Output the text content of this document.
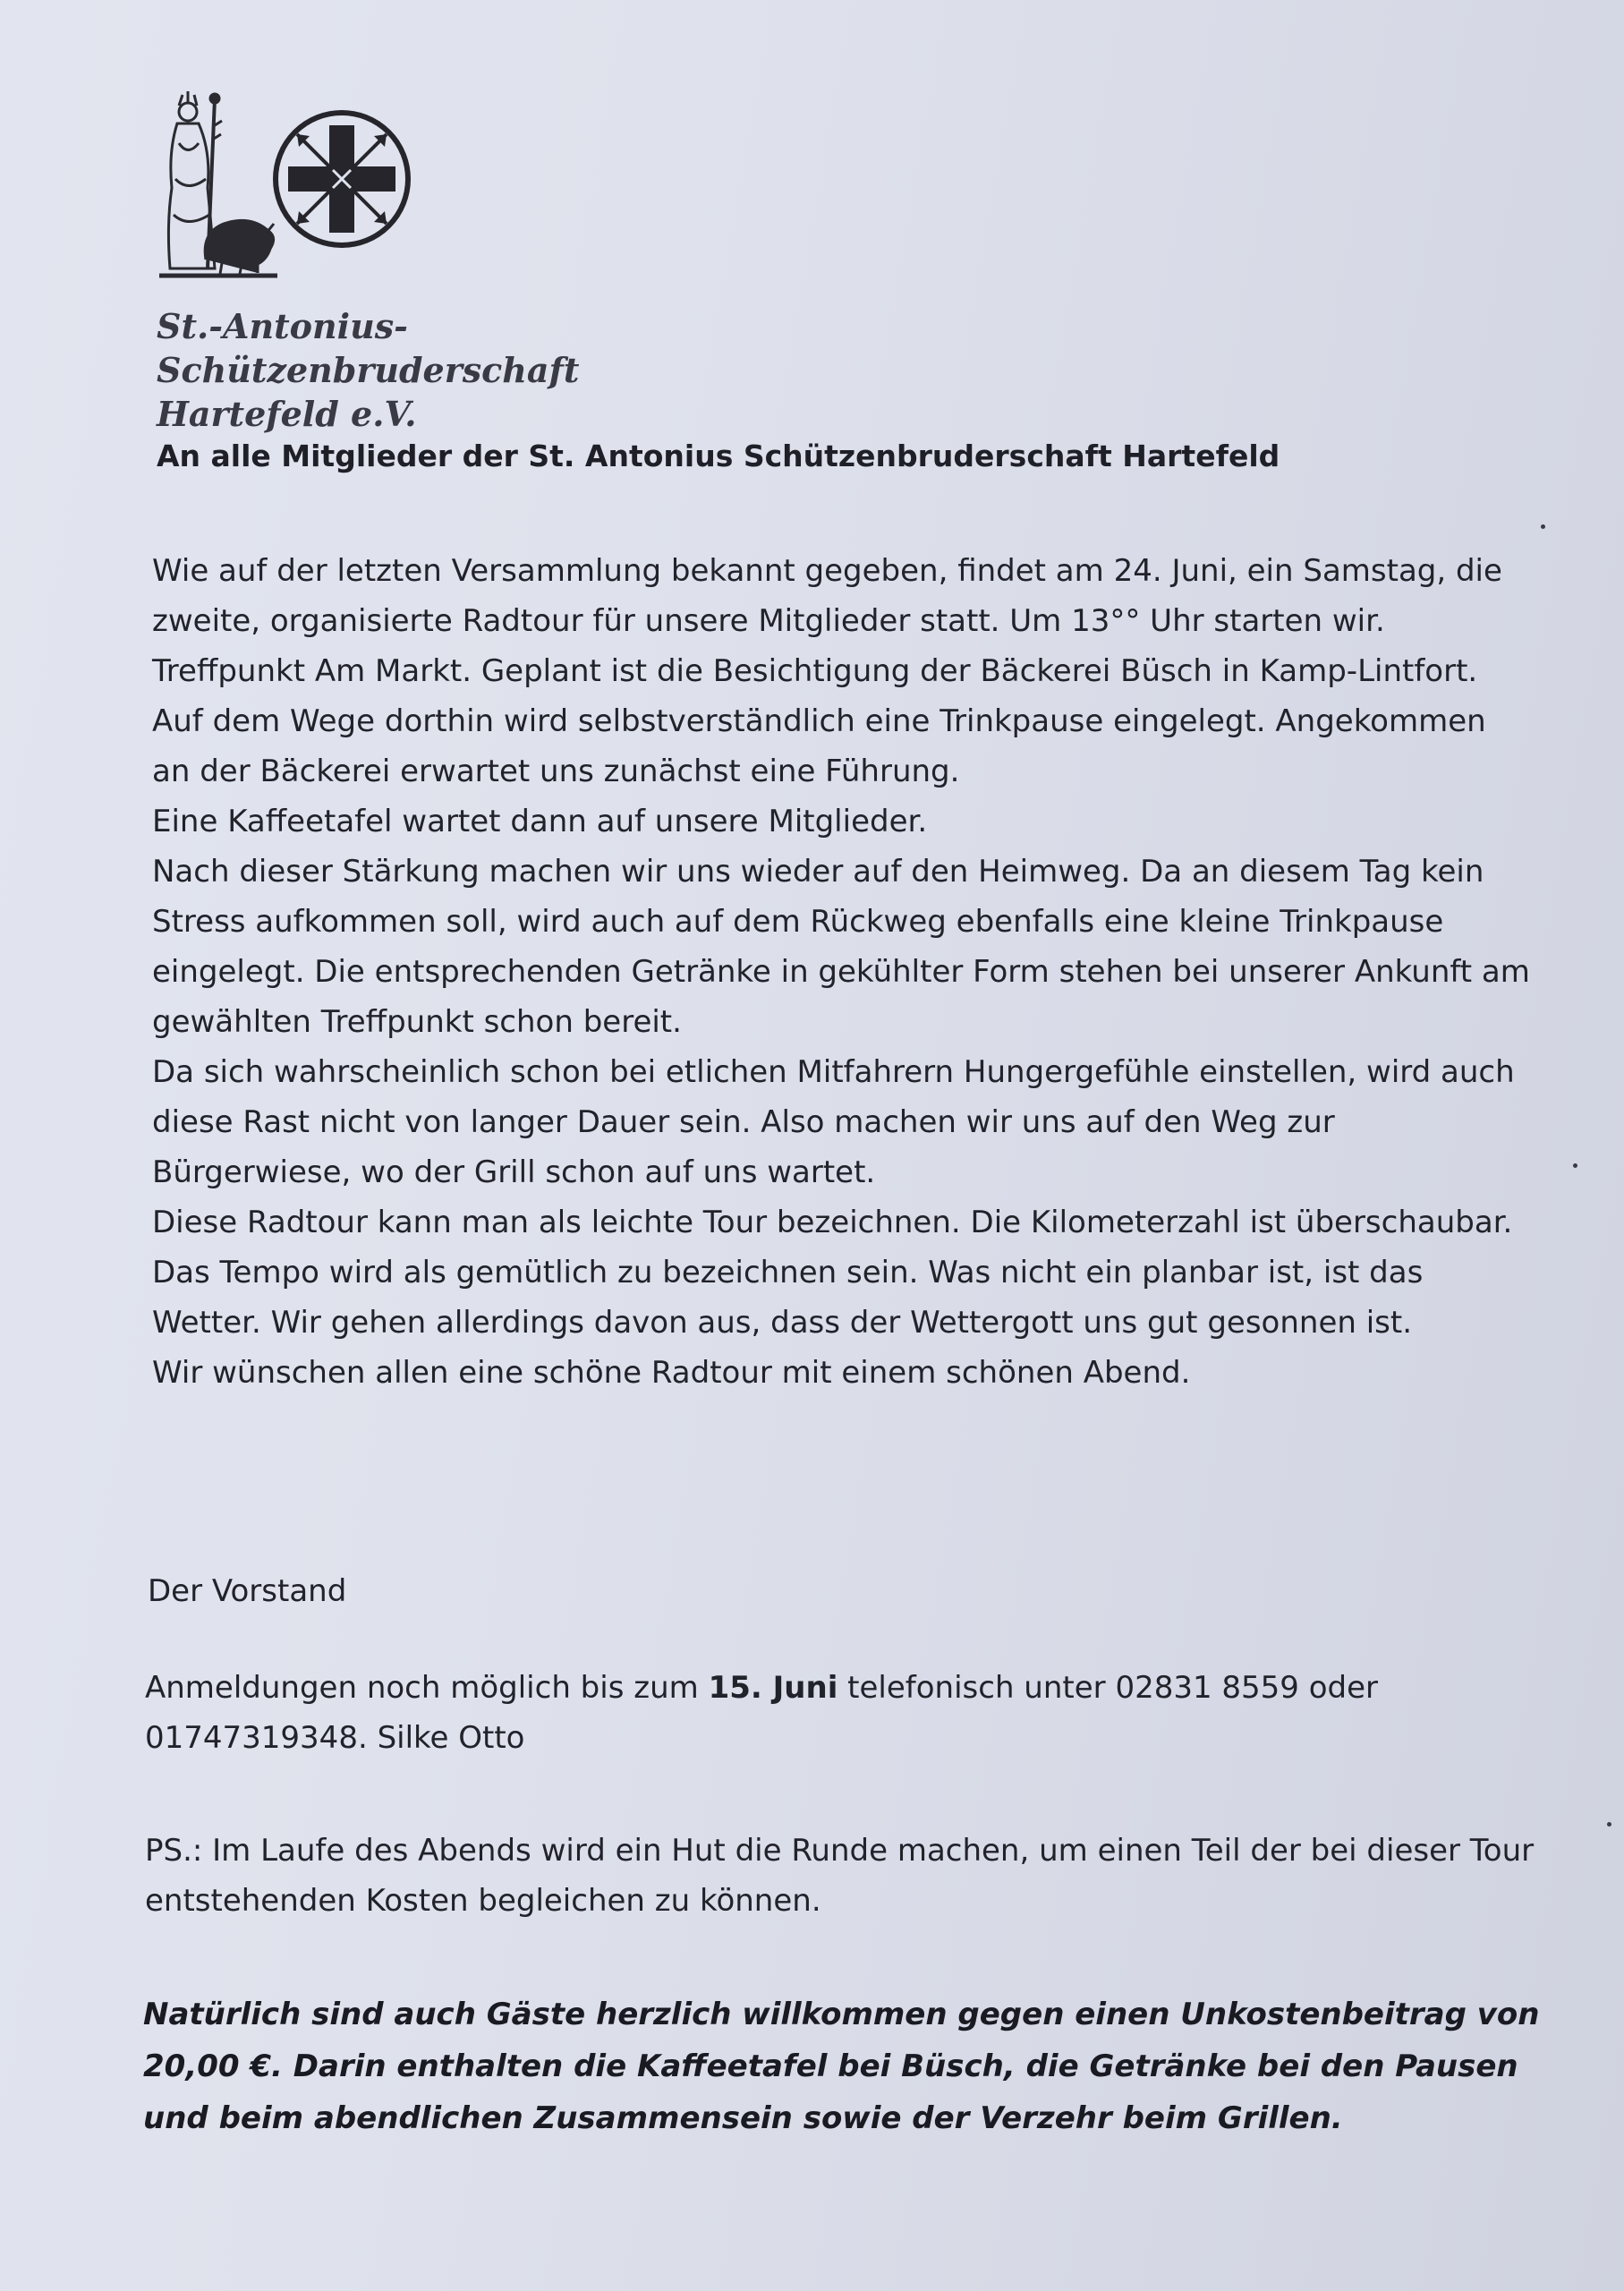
St.-Antonius-
Schützenbruderschaft
Hartefeld e.V.
An alle Mitglieder der St. Antonius Schützenbruderschaft Hartefeld

Wie auf der letzten Versammlung bekannt gegeben, findet am 24. Juni, ein Samstag, die zweite, organisierte Radtour für unsere Mitglieder statt. Um 13°° Uhr starten wir. Treffpunkt Am Markt. Geplant ist die Besichtigung der Bäckerei Büsch in Kamp-Lintfort. Auf dem Wege dorthin wird selbstverständlich eine Trinkpause eingelegt. Angekommen an der Bäckerei erwartet uns zunächst eine Führung.

Eine Kaffeetafel wartet dann auf unsere Mitglieder.

Nach dieser Stärkung machen wir uns wieder auf den Heimweg. Da an diesem Tag kein Stress aufkommen soll, wird auch auf dem Rückweg ebenfalls eine kleine Trinkpause eingelegt. Die entsprechenden Getränke in gekühlter Form stehen bei unserer Ankunft am gewählten Treffpunkt schon bereit.

Da sich wahrscheinlich schon bei etlichen Mitfahrern Hungergefühle einstellen, wird auch diese Rast nicht von langer Dauer sein. Also machen wir uns auf den Weg zur Bürgerwiese, wo der Grill schon auf uns wartet.

Diese Radtour kann man als leichte Tour bezeichnen. Die Kilometerzahl ist überschaubar. Das Tempo wird als gemütlich zu bezeichnen sein. Was nicht ein planbar ist, ist das Wetter. Wir gehen allerdings davon aus, dass der Wettergott uns gut gesonnen ist.

Wir wünschen allen eine schöne Radtour mit einem schönen Abend.

Der Vorstand
Anmeldungen noch möglich bis zum 15. Juni telefonisch unter 02831 8559 oder 01747319348. Silke Otto
PS.: Im Laufe des Abends wird ein Hut die Runde machen, um einen Teil der bei dieser Tour entstehenden Kosten begleichen zu können.
Natürlich sind auch Gäste herzlich willkommen gegen einen Unkostenbeitrag von 20,00 €. Darin enthalten die Kaffeetafel bei Büsch, die Getränke bei den Pausen und beim abendlichen Zusammensein sowie der Verzehr beim Grillen.
